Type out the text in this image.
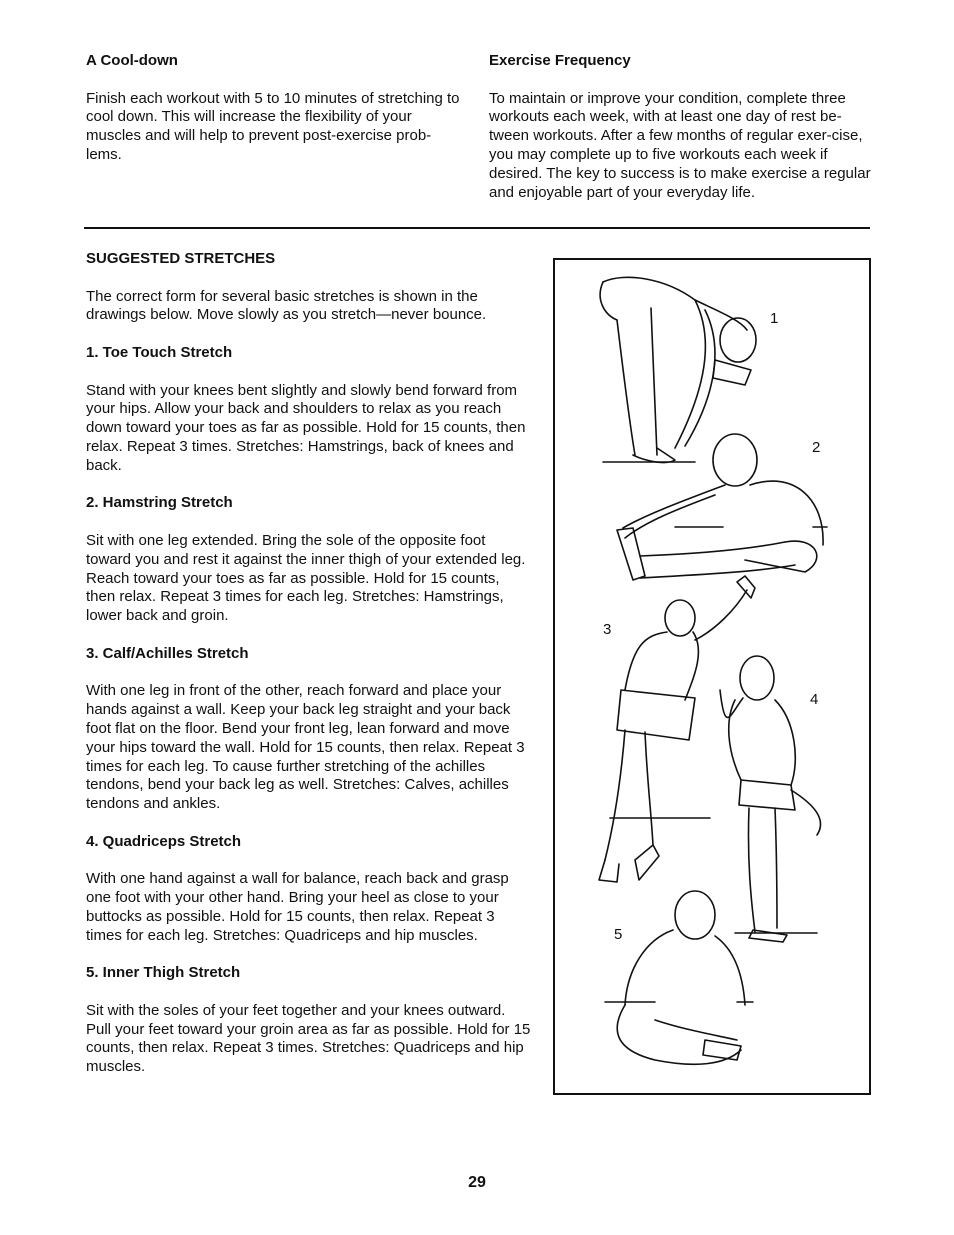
A Cool-down

Finish each workout with 5 to 10 minutes of stretching to cool down. This will increase the flexibility of your muscles and will help to prevent post-exercise prob-lems.

Exercise Frequency

To maintain or improve your condition, complete three workouts each week, with at least one day of rest be-tween workouts. After a few months of regular exer-cise, you may complete up to five workouts each week if desired. The key to success is to make exercise a regular and enjoyable part of your everyday life.

SUGGESTED STRETCHES

The correct form for several basic stretches is shown in the drawings below. Move slowly as you stretch—never bounce.

1. Toe Touch Stretch

Stand with your knees bent slightly and slowly bend forward from your hips. Allow your back and shoulders to relax as you reach down toward your toes as far as possible. Hold for 15 counts, then relax. Repeat 3 times. Stretches: Hamstrings, back of knees and back.

2. Hamstring Stretch

Sit with one leg extended. Bring the sole of the opposite foot toward you and rest it against the inner thigh of your extended leg. Reach toward your toes as far as possible. Hold for 15 counts, then relax. Repeat 3 times for each leg. Stretches: Hamstrings, lower back and groin.

3. Calf/Achilles Stretch

With one leg in front of the other, reach forward and place your hands against a wall. Keep your back leg straight and your back foot flat on the floor. Bend your front leg, lean forward and move your hips toward the wall. Hold for 15 counts, then relax. Repeat 3 times for each leg. To cause further stretching of the achilles tendons, bend your back leg as well. Stretches: Calves, achilles tendons and ankles.

4. Quadriceps Stretch

With one hand against a wall for balance, reach back and grasp one foot with your other hand. Bring your heel as close to your buttocks as possible. Hold for 15 counts, then relax. Repeat 3 times for each leg. Stretches: Quadriceps and hip muscles.

5. Inner Thigh Stretch

Sit with the soles of your feet together and your knees outward. Pull your feet toward your groin area as far as possible. Hold for 15 counts, then relax. Repeat 3 times. Stretches: Quadriceps and hip muscles.

1
2
3
4
5
29
